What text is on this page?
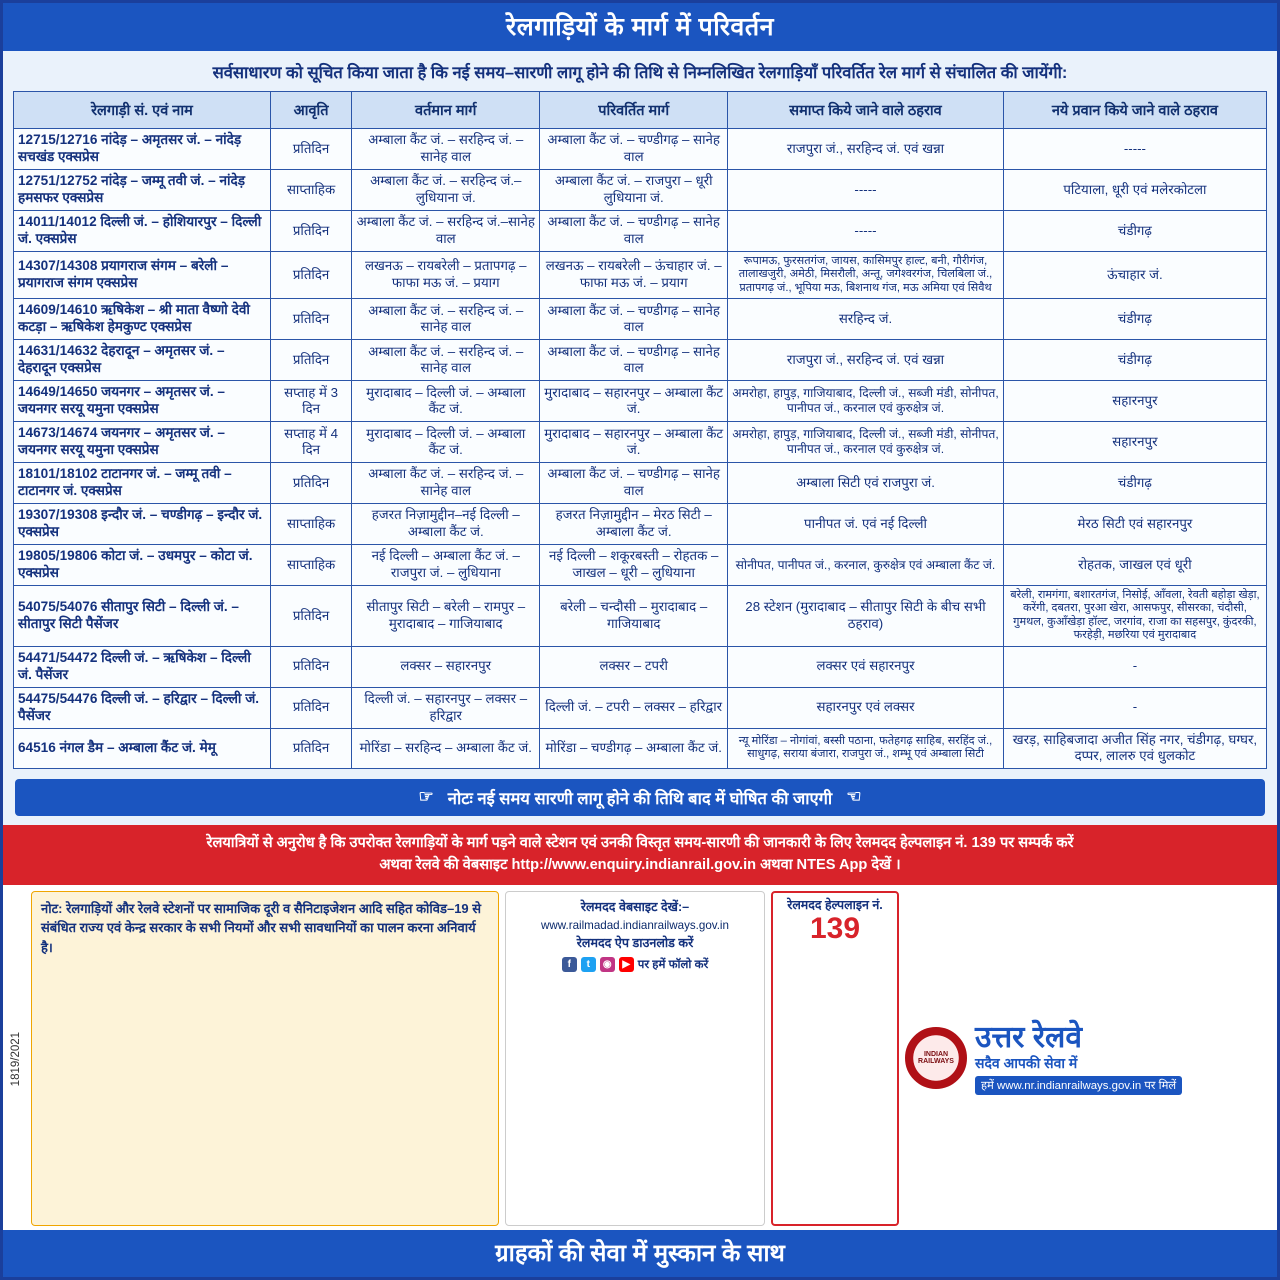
रेलगाड़ियों के मार्ग में परिवर्तन
सर्वसाधारण को सूचित किया जाता है कि नई समय–सारणी लागू होने की तिथि से निम्नलिखित रेलगाड़ियाँ परिवर्तित रेल मार्ग से संचालित की जायेंगी:
रेलगाड़ी सं. एवं नाम	आवृति	वर्तमान मार्ग	परिवर्तित मार्ग	समाप्त किये जाने वाले ठहराव	नये प्रवान किये जाने वाले ठहराव
12715/12716 नांदेड़ – अमृतसर जं. – नांदेड़ सचखंड एक्सप्रेस	प्रतिदिन	अम्बाला कैंट जं. – सरहिन्द जं. – सानेह वाल	अम्बाला कैंट जं. – चण्डीगढ़ – सानेह वाल	राजपुरा जं., सरहिन्द जं. एवं खन्ना	-----
12751/12752 नांदेड़ – जम्मू तवी जं. – नांदेड़ हमसफर एक्सप्रेस	साप्ताहिक	अम्बाला कैंट जं. – सरहिन्द जं.–लुधियाना जं.	अम्बाला कैंट जं. – राजपुरा – धूरी लुधियाना जं.	-----	पटियाला, धूरी एवं मलेरकोटला
14011/14012 दिल्ली जं. – होशियारपुर – दिल्ली जं. एक्सप्रेस	प्रतिदिन	अम्बाला कैंट जं. – सरहिन्द जं.–सानेह वाल	अम्बाला कैंट जं. – चण्डीगढ़ – सानेह वाल	-----	चंडीगढ़
14307/14308 प्रयागराज संगम – बरेली – प्रयागराज संगम एक्सप्रेस	प्रतिदिन	लखनऊ – रायबरेली – प्रतापगढ़ – फाफा मऊ जं. – प्रयाग	लखनऊ – रायबरेली – ऊंचाहार जं. – फाफा मऊ जं. – प्रयाग	रूपामऊ, फुरसतगंज, जायस, कासिमपुर हाल्ट, बनी, गौरीगंज, तालाखजुरी, अमेठी, मिसरौली, अन्तू, जगेश्वरगंज, चिलबिला जं., प्रतापगढ़ जं., भूपिया मऊ, बिशनाथ गंज, मऊ अमिया एवं सिवैथ	ऊंचाहार जं.
14609/14610 ऋषिकेश – श्री माता वैष्णो देवी कटड़ा – ऋषिकेश हेमकुण्ट एक्सप्रेस	प्रतिदिन	अम्बाला कैंट जं. – सरहिन्द जं. – सानेह वाल	अम्बाला कैंट जं. – चण्डीगढ़ – सानेह वाल	सरहिन्द जं.	चंडीगढ़
14631/14632 देहरादून – अमृतसर जं. – देहरादून एक्सप्रेस	प्रतिदिन	अम्बाला कैंट जं. – सरहिन्द जं. – सानेह वाल	अम्बाला कैंट जं. – चण्डीगढ़ – सानेह वाल	राजपुरा जं., सरहिन्द जं. एवं खन्ना	चंडीगढ़
14649/14650 जयनगर – अमृतसर जं. – जयनगर सरयू यमुना एक्सप्रेस	सप्ताह में 3 दिन	मुरादाबाद – दिल्ली जं. – अम्बाला कैंट जं.	मुरादाबाद – सहारनपुर – अम्बाला कैंट जं.	अमरोहा, हापुड़, गाजियाबाद, दिल्ली जं., सब्जी मंडी, सोनीपत, पानीपत जं., करनाल एवं कुरुक्षेत्र जं.	सहारनपुर
14673/14674 जयनगर – अमृतसर जं. – जयनगर सरयू यमुना एक्सप्रेस	सप्ताह में 4 दिन	मुरादाबाद – दिल्ली जं. – अम्बाला कैंट जं.	मुरादाबाद – सहारनपुर – अम्बाला कैंट जं.	अमरोहा, हापुड़, गाजियाबाद, दिल्ली जं., सब्जी मंडी, सोनीपत, पानीपत जं., करनाल एवं कुरुक्षेत्र जं.	सहारनपुर
18101/18102 टाटानगर जं. – जम्मू तवी – टाटानगर जं. एक्सप्रेस	प्रतिदिन	अम्बाला कैंट जं. – सरहिन्द जं. – सानेह वाल	अम्बाला कैंट जं. – चण्डीगढ़ – सानेह वाल	अम्बाला सिटी एवं राजपुरा जं.	चंडीगढ़
19307/19308 इन्दौर जं. – चण्डीगढ़ – इन्दौर जं. एक्सप्रेस	साप्ताहिक	हजरत निज़ामुद्दीन–नई दिल्ली – अम्बाला कैंट जं.	हजरत निज़ामुद्दीन – मेरठ सिटी – अम्बाला कैंट जं.	पानीपत जं. एवं नई दिल्ली	मेरठ सिटी एवं सहारनपुर
19805/19806 कोटा जं. – उधमपुर – कोटा जं. एक्सप्रेस	साप्ताहिक	नई दिल्ली – अम्बाला कैंट जं. – राजपुरा जं. – लुधियाना	नई दिल्ली – शकूरबस्ती – रोहतक – जाखल – धूरी – लुधियाना	सोनीपत, पानीपत जं., करनाल, कुरुक्षेत्र एवं अम्बाला कैंट जं.	रोहतक, जाखल एवं धूरी
54075/54076 सीतापुर सिटी – दिल्ली जं. – सीतापुर सिटी पैसेंजर	प्रतिदिन	सीतापुर सिटी – बरेली – रामपुर – मुरादाबाद – गाजियाबाद	बरेली – चन्दौसी – मुरादाबाद – गाजियाबाद	28 स्टेशन (मुरादाबाद – सीतापुर सिटी के बीच सभी ठहराव)	बरेली, रामगंगा, बशारतगंज, निसोई, ऑंवला, रेवती बहोड़ा खेड़ा, करेंगी, दबतरा, पुरआ खेरा, आसफपुर, सीसरका, चंदौसी, गुमथल, कुऑंखेड़ा हॉल्ट, जरगांव, राजा का सहसपुर, कुंदरकी, फरहेड़ी, मछरिया एवं मुरादाबाद
54471/54472 दिल्ली जं. – ऋषिकेश – दिल्ली जं. पैसेंजर	प्रतिदिन	लक्सर – सहारनपुर	लक्सर – टपरी	लक्सर एवं सहारनपुर	-
54475/54476 दिल्ली जं. – हरिद्वार – दिल्ली जं. पैसेंजर	प्रतिदिन	दिल्ली जं. – सहारनपुर – लक्सर – हरिद्वार	दिल्ली जं. – टपरी – लक्सर – हरिद्वार	सहारनपुर एवं लक्सर	-
64516 नंगल डैम – अम्बाला कैंट जं. मेमू	प्रतिदिन	मोरिंडा – सरहिन्द – अम्बाला कैंट जं.	मोरिंडा – चण्डीगढ़ – अम्बाला कैंट जं.	न्यू मोरिंडा – नोगांवां, बस्सी पठाना, फतेहगढ़ साहिब, सरहिंद जं., साधुगढ़, सराया बंजारा, राजपुरा जं., शम्भू एवं अम्बाला सिटी	खरड़, साहिबजादा अजीत सिंह नगर, चंडीगढ़, घग्घर, दप्पर, लालरु एवं धुलकोट
☞ नोटः नई समय सारणी लागू होने की तिथि बाद में घोषित की जाएगी ☜
रेलयात्रियों से अनुरोध है कि उपरोक्त रेलगाड़ियों के मार्ग पड़ने वाले स्टेशन एवं उनकी विस्तृत समय-सारणी की जानकारी के लिए रेलमदद हेल्पलाइन नं. 139 पर सम्पर्क करें
अथवा रेलवे की वेबसाइट http://www.enquiry.indianrail.gov.in अथवा NTES App देखें ।
1819/2021
नोट: रेलगाड़ियों और रेलवे स्टेशनों पर सामाजिक दूरी व सैनिटाइजेशन आदि सहित कोविड–19 से संबंधित राज्य एवं केन्द्र सरकार के सभी नियमों और सभी सावधानियों का पालन करना अनिवार्य है।
रेलमदद वेबसाइट देखें:–
www.railmadad.indianrailways.gov.in
रेलमदद ऐप डाउनलोड करें
f	t	◉	▶ पर हमें फॉलो करें
रेलमदद हेल्पलाइन नं.
139
INDIAN RAILWAYS
उत्तर रेलवे
सदैव आपकी सेवा में
हमें www.nr.indianrailways.gov.in पर मिलें
ग्राहकों की सेवा में मुस्कान के साथ
